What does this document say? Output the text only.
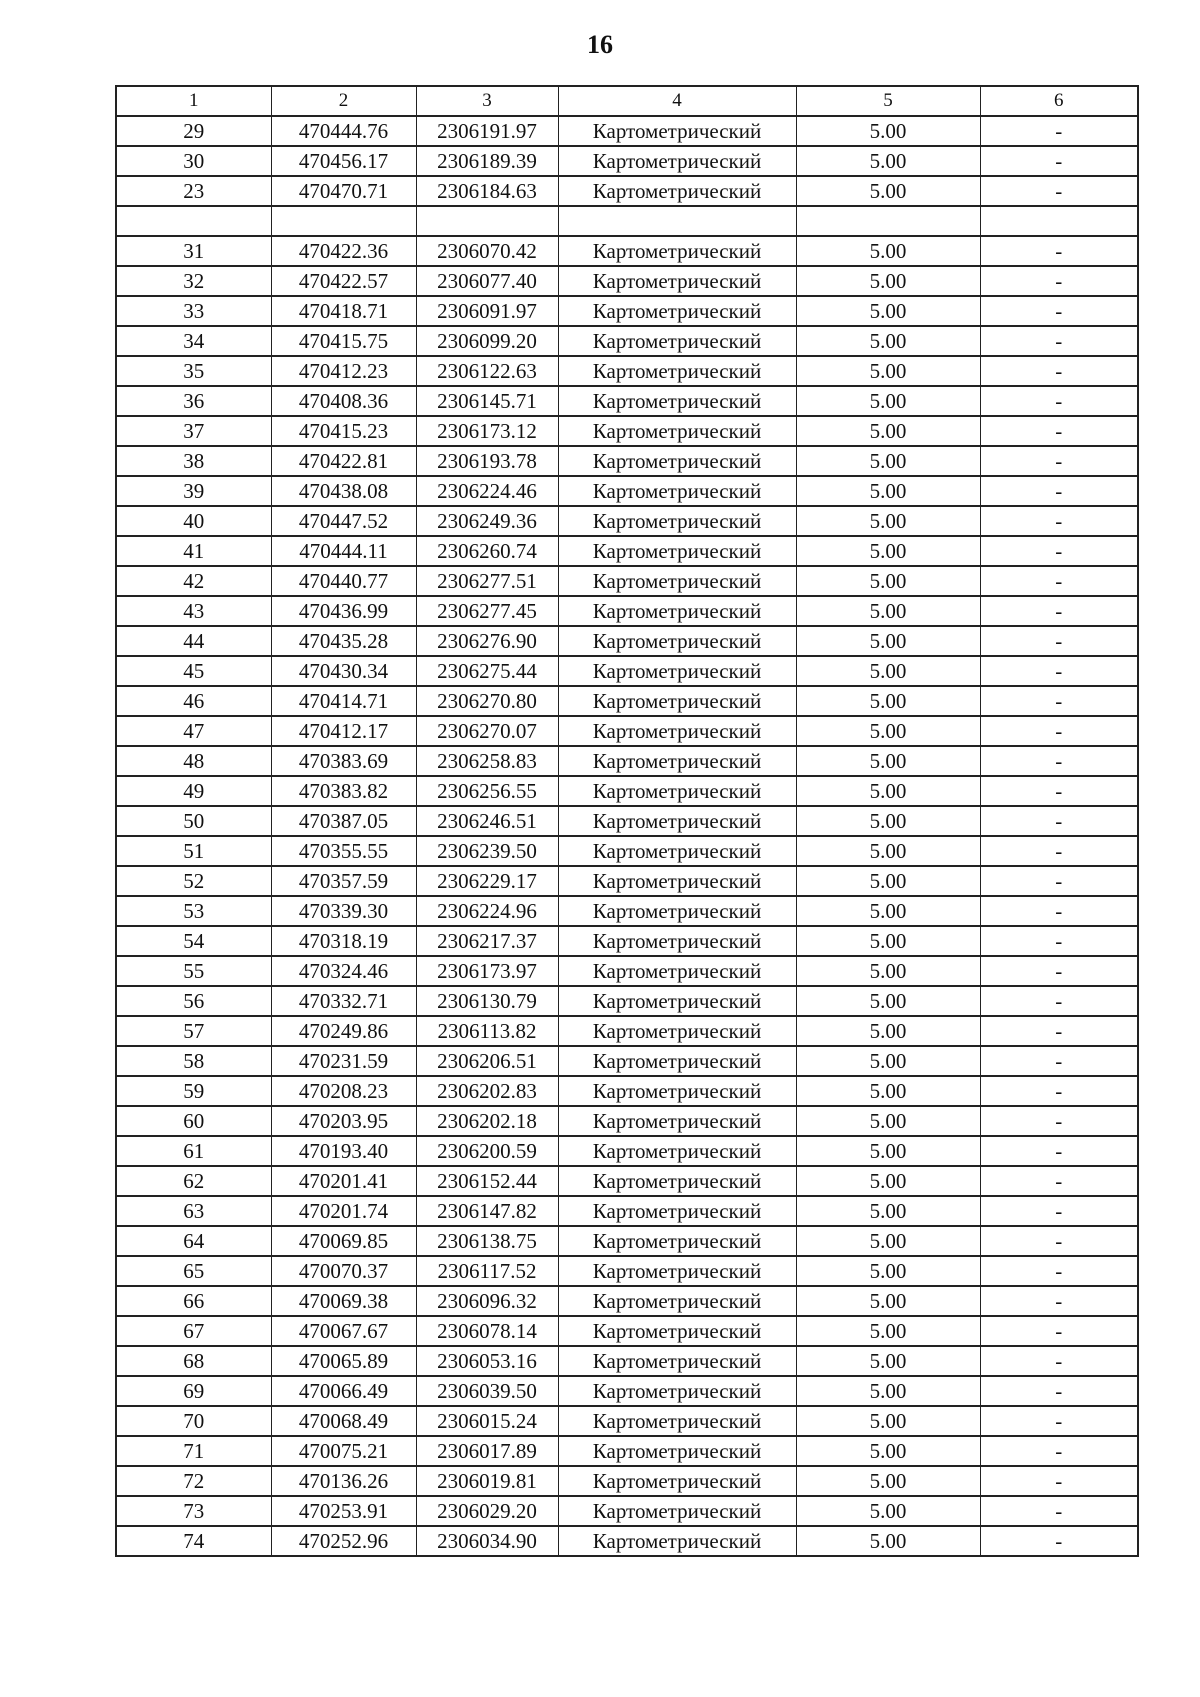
16
1	2	3	4	5	6
29	470444.76	2306191.97	Картометрический	5.00	-
30	470456.17	2306189.39	Картометрический	5.00	-
23	470470.71	2306184.63	Картометрический	5.00	-

31	470422.36	2306070.42	Картометрический	5.00	-
32	470422.57	2306077.40	Картометрический	5.00	-
33	470418.71	2306091.97	Картометрический	5.00	-
34	470415.75	2306099.20	Картометрический	5.00	-
35	470412.23	2306122.63	Картометрический	5.00	-
36	470408.36	2306145.71	Картометрический	5.00	-
37	470415.23	2306173.12	Картометрический	5.00	-
38	470422.81	2306193.78	Картометрический	5.00	-
39	470438.08	2306224.46	Картометрический	5.00	-
40	470447.52	2306249.36	Картометрический	5.00	-
41	470444.11	2306260.74	Картометрический	5.00	-
42	470440.77	2306277.51	Картометрический	5.00	-
43	470436.99	2306277.45	Картометрический	5.00	-
44	470435.28	2306276.90	Картометрический	5.00	-
45	470430.34	2306275.44	Картометрический	5.00	-
46	470414.71	2306270.80	Картометрический	5.00	-
47	470412.17	2306270.07	Картометрический	5.00	-
48	470383.69	2306258.83	Картометрический	5.00	-
49	470383.82	2306256.55	Картометрический	5.00	-
50	470387.05	2306246.51	Картометрический	5.00	-
51	470355.55	2306239.50	Картометрический	5.00	-
52	470357.59	2306229.17	Картометрический	5.00	-
53	470339.30	2306224.96	Картометрический	5.00	-
54	470318.19	2306217.37	Картометрический	5.00	-
55	470324.46	2306173.97	Картометрический	5.00	-
56	470332.71	2306130.79	Картометрический	5.00	-
57	470249.86	2306113.82	Картометрический	5.00	-
58	470231.59	2306206.51	Картометрический	5.00	-
59	470208.23	2306202.83	Картометрический	5.00	-
60	470203.95	2306202.18	Картометрический	5.00	-
61	470193.40	2306200.59	Картометрический	5.00	-
62	470201.41	2306152.44	Картометрический	5.00	-
63	470201.74	2306147.82	Картометрический	5.00	-
64	470069.85	2306138.75	Картометрический	5.00	-
65	470070.37	2306117.52	Картометрический	5.00	-
66	470069.38	2306096.32	Картометрический	5.00	-
67	470067.67	2306078.14	Картометрический	5.00	-
68	470065.89	2306053.16	Картометрический	5.00	-
69	470066.49	2306039.50	Картометрический	5.00	-
70	470068.49	2306015.24	Картометрический	5.00	-
71	470075.21	2306017.89	Картометрический	5.00	-
72	470136.26	2306019.81	Картометрический	5.00	-
73	470253.91	2306029.20	Картометрический	5.00	-
74	470252.96	2306034.90	Картометрический	5.00	-
